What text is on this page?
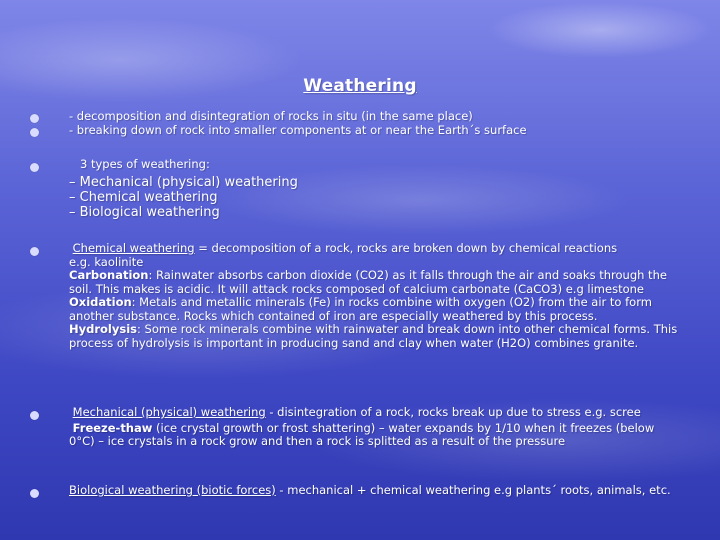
Weathering
- decomposition and disintegration of rocks in situ (in the same place)
- breaking down of rock into smaller components at or near the Earth´s surface
3 types of weathering:
– Mechanical (physical) weathering
– Chemical weathering
– Biological weathering
Chemical weathering = decomposition of a rock, rocks are broken down by chemical reactions
e.g. kaolinite
Carbonation: Rainwater absorbs carbon dioxide (CO2) as it falls through the air and soaks through the soil. This makes is acidic. It will attack rocks composed of calcium carbonate (CaCO3) e.g limestone
Oxidation: Metals and metallic minerals (Fe) in rocks combine with oxygen (O2) from the air to form another substance. Rocks which contained of iron are especially weathered by this process.
Hydrolysis: Some rock minerals combine with rainwater and break down into other chemical forms. This process of hydrolysis is important in producing sand and clay when water (H2O) combines granite.
Mechanical (physical) weathering - disintegration of a rock, rocks break up due to stress e.g. scree
Freeze-thaw (ice crystal growth or frost shattering) – water expands by 1/10 when it freezes (below 0°C) – ice crystals in a rock grow and then a rock is splitted as a result of the pressure
Biological weathering (biotic forces) - mechanical + chemical weathering e.g plants´ roots, animals, etc.
